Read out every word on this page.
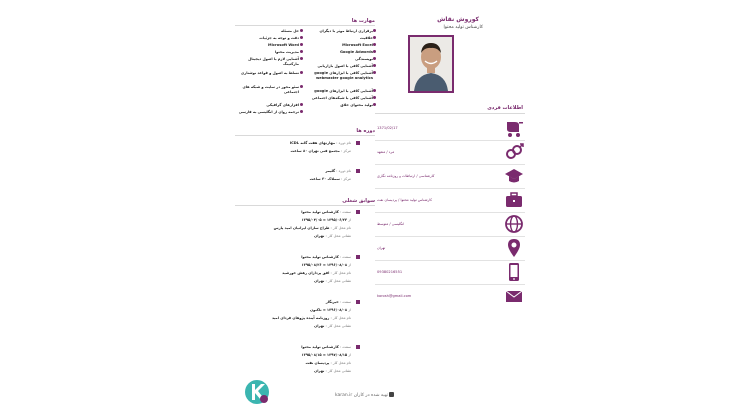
کوروش نقاش
کارشناس تولید محتوا
اطلاعات فردی
1371/02/17
مرد / متعهد
کارشناسی / ارتباطات و روزنامه نگاری
کارشناس تولید محتوا / پردیسان نفت
انگلیسی / متوسط
تهران
09380216551
korosh@gmail.com
مهارت ها
برقراری ارتباط موثر با دیگران
خلاقیت
Microsoft Excel
Google Adwords
نویسندگی
آشنایی کافی با اصول بازاریابی
آشنایی کافی با ابزارهای google webmaster google analytics
آشنایی کافی با ابزارهای google
آشنایی کافی با شبکه‌های اجتماعی
تولید محتوای خلاق
حل مسئله
دقت و توجه به جزئیات
Microsoft Word
مدیریت محتوا
آشنایی لازم با اصول دیجیتال مارکتینگ
تسلط به اصول و قواعد نوشتاری
سئو محور در سایت و شبکه های اجتماعی
افزارهای گرافیکی
ترجمه روان از انگلیسی به فارسی
دوره ها
نام دوره : مهارتهای هفت گانه ICDL
مرکز : مجتمع فنی تهران ۸۰ ساعت
نام دوره : گلیمر
مرکز : سملاک ۳۰ ساعت
سوابق شغلی
سمت : کارشناس تولید محتوا
از ۱۳۹۵/۰۶/۲۳ ≡ ۱۳۹۵/۰۴/۰۵
نام محل کار : طراح سازان ایرانیان امید پارس
نشانی محل کار : تهران
سمت : کارشناس تولید محتوا
از ۱۳۹۶/۰۸/۰۸ ≡ ۱۳۹۵/۰۸/۲۶
نام محل کار : افق پردازان رهش خورشید
نشانی محل کار : تهران
سمت : خبرنگار
از ۱۳۹۶/۰۸/۰۸ ≡ تاکنون
نام محل کار : روزنامه آینده پژوهان فردای امید
نشانی محل کار : تهران
سمت : کارشناس تولید محتوا
از ۱۳۹۷/۰۸/۱۵ ≡ ۱۳۹۵/۰۸/۱۵
نام محل کار : پردیسان نفت
نشانی محل کار : تهران
karan.ir تهیه شده در کاران
